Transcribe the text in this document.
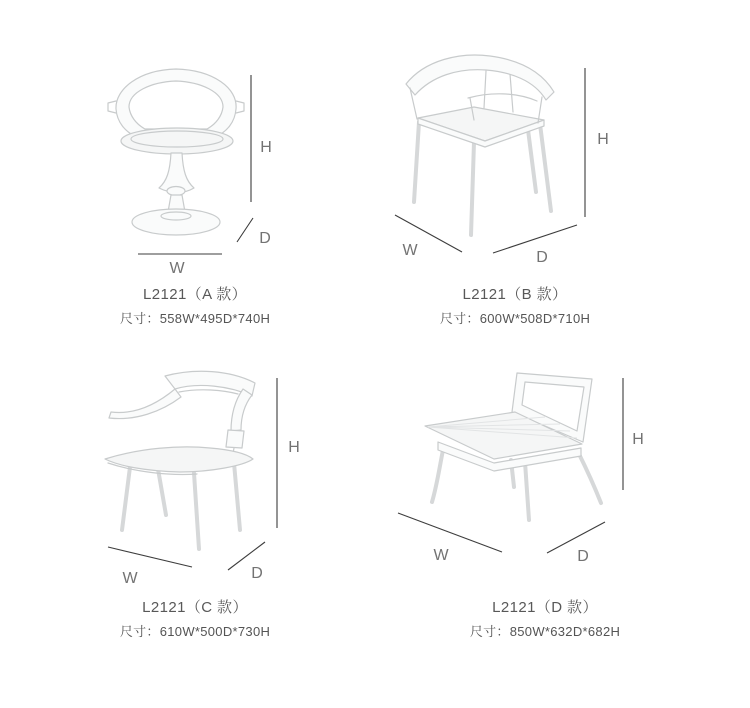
H
D
W
L2121（A 款）
尺寸：558W*495D*740H
H
W	D
L2121（B 款）
尺寸：600W*508D*710H
H
W	D
L2121（C 款）
尺寸：610W*500D*730H
H
W	D
L2121（D 款）
尺寸：850W*632D*682H
